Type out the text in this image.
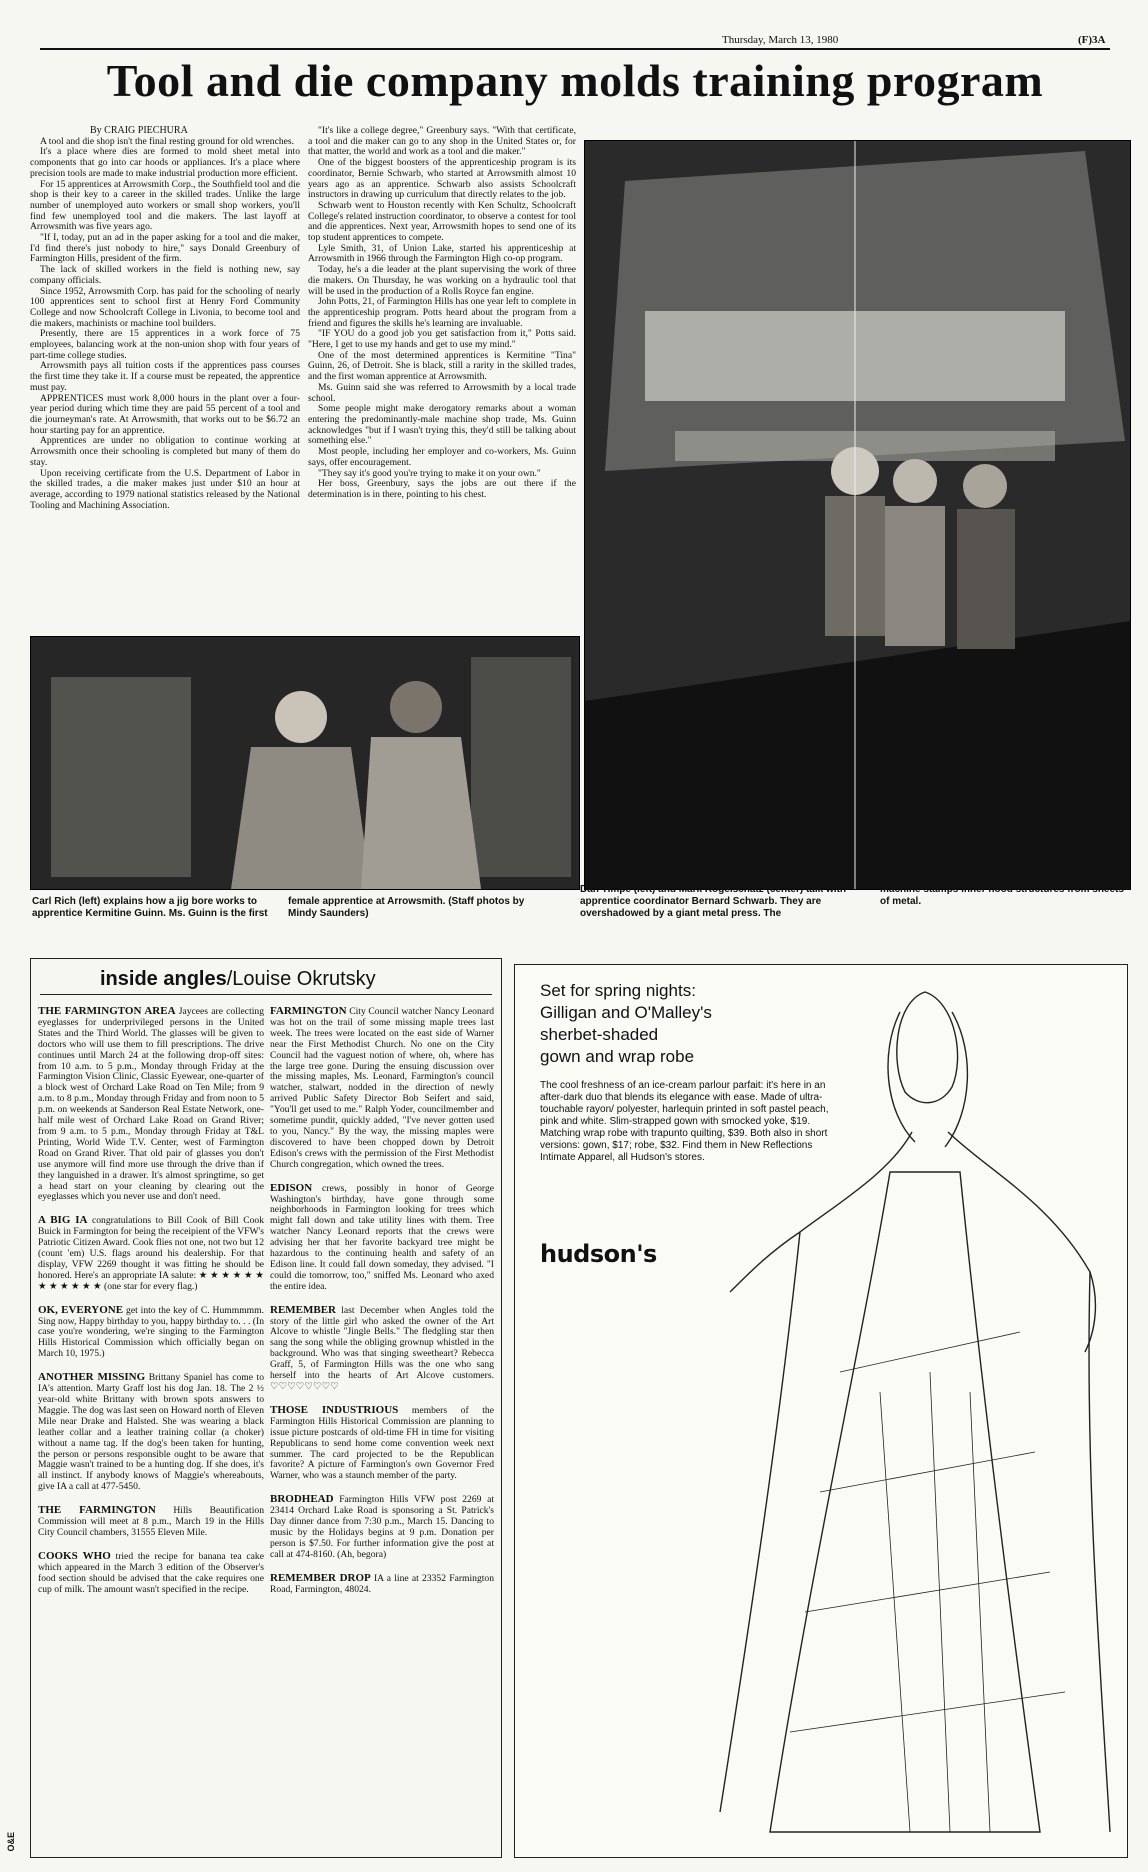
Thursday, March 13, 1980	(F)3A
O&E
Tool and die company molds training program

By CRAIG PIECHURA

A tool and die shop isn't the final resting ground for old wrenches.

It's a place where dies are formed to mold sheet metal into components that go into car hoods or appliances. It's a place where precision tools are made to make industrial production more efficient.

For 15 apprentices at Arrowsmith Corp., the Southfield tool and die shop is their key to a career in the skilled trades. Unlike the large number of unemployed auto workers or small shop workers, you'll find few unemployed tool and die makers. The last layoff at Arrowsmith was five years ago.

"If I, today, put an ad in the paper asking for a tool and die maker, I'd find there's just nobody to hire," says Donald Greenbury of Farmington Hills, president of the firm.

The lack of skilled workers in the field is nothing new, say company officials.

Since 1952, Arrowsmith Corp. has paid for the schooling of nearly 100 apprentices sent to school first at Henry Ford Community College and now Schoolcraft College in Livonia, to become tool and die makers, machinists or machine tool builders.

Presently, there are 15 apprentices in a work force of 75 employees, balancing work at the non-union shop with four years of part-time college studies.

Arrowsmith pays all tuition costs if the apprentices pass courses the first time they take it. If a course must be repeated, the apprentice must pay.

APPRENTICES must work 8,000 hours in the plant over a four-year period during which time they are paid 55 percent of a tool and die journeyman's rate. At Arrowsmith, that works out to be $6.72 an hour starting pay for an apprentice.

Apprentices are under no obligation to continue working at Arrowsmith once their schooling is completed but many of them do stay.

Upon receiving certificate from the U.S. Department of Labor in the skilled trades, a die maker makes just under $10 an hour at average, according to 1979 national statistics released by the National Tooling and Machining Association.

"It's like a college degree," Greenbury says. "With that certificate, a tool and die maker can go to any shop in the United States or, for that matter, the world and work as a tool and die maker."

One of the biggest boosters of the apprenticeship program is its coordinator, Bernie Schwarb, who started at Arrowsmith almost 10 years ago as an apprentice. Schwarb also assists Schoolcraft instructors in drawing up curriculum that directly relates to the job.

Schwarb went to Houston recently with Ken Schultz, Schoolcraft College's related instruction coordinator, to observe a contest for tool and die apprentices. Next year, Arrowsmith hopes to send one of its top student apprentices to compete.

Lyle Smith, 31, of Union Lake, started his apprenticeship at Arrowsmith in 1966 through the Farmington High co-op program.

Today, he's a die leader at the plant supervising the work of three die makers. On Thursday, he was working on a hydraulic tool that will be used in the production of a Rolls Royce fan engine.

John Potts, 21, of Farmington Hills has one year left to complete in the apprenticeship program. Potts heard about the program from a friend and figures the skills he's learning are invaluable.

"IF YOU do a good job you get satisfaction from it," Potts said. "Here, I get to use my hands and get to use my mind."

One of the most determined apprentices is Kermitine "Tina" Guinn, 26, of Detroit. She is black, still a rarity in the skilled trades, and the first woman apprentice at Arrowsmith.

Ms. Guinn said she was referred to Arrowsmith by a local trade school.

Some people might make derogatory remarks about a woman entering the predominantly-male machine shop trade, Ms. Guinn acknowledges "but if I wasn't trying this, they'd still be talking about something else."

Most people, including her employer and co-workers, Ms. Guinn says, offer encouragement.

"They say it's good you're trying to make it on your own."

Her boss, Greenbury, says the jobs are out there if the determination is in there, pointing to his chest.

Carl Rich (left) explains how a jig bore works to apprentice Kermitine Guinn. Ms. Guinn is the first
female apprentice at Arrowsmith. (Staff photos by Mindy Saunders)
Dan Timpe (left) and Mark Kogelschatz (center) talk with apprentice coordinator Bernard Schwarb. They are overshadowed by a giant metal press. The
machine stamps inner hood structures from sheets of metal.
inside angles/Louise Okrutsky

THE FARMINGTON AREA Jaycees are collecting eyeglasses for underprivileged persons in the United States and the Third World. The glasses will be given to doctors who will use them to fill prescriptions. The drive continues until March 24 at the following drop-off sites: from 10 a.m. to 5 p.m., Monday through Friday at the Farmington Vision Clinic, Classic Eyewear, one-quarter of a block west of Orchard Lake Road on Ten Mile; from 9 a.m. to 8 p.m., Monday through Friday and from noon to 5 p.m. on weekends at Sanderson Real Estate Network, one-half mile west of Orchard Lake Road on Grand River; from 9 a.m. to 5 p.m., Monday through Friday at T&L Printing, World Wide T.V. Center, west of Farmington Road on Grand River. That old pair of glasses you don't use anymore will find more use through the drive than if they languished in a drawer. It's almost springtime, so get a head start on your cleaning by clearing out the eyeglasses which you never use and don't need.

A BIG IA congratulations to Bill Cook of Bill Cook Buick in Farmington for being the receipient of the VFW's Patriotic Citizen Award. Cook flies not one, not two but 12 (count 'em) U.S. flags around his dealership. For that display, VFW 2269 thought it was fitting he should be honored. Here's an appropriate IA salute: ★ ★ ★ ★ ★ ★ ★ ★ ★ ★ ★ ★ (one star for every flag.)

OK, EVERYONE get into the key of C. Hummmmm. Sing now, Happy birthday to you, happy birthday to. . . (In case you're wondering, we're singing to the Farmington Hills Historical Commission which officially began on March 10, 1975.)

ANOTHER MISSING Brittany Spaniel has come to IA's attention. Marty Graff lost his dog Jan. 18. The 2 ½ year-old white Brittany with brown spots answers to Maggie. The dog was last seen on Howard north of Eleven Mile near Drake and Halsted. She was wearing a black leather collar and a leather training collar (a choker) without a name tag. If the dog's been taken for hunting, the person or persons responsible ought to be aware that Maggie wasn't trained to be a hunting dog. If she does, it's all instinct. If anybody knows of Maggie's whereabouts, give IA a call at 477-5450.

THE FARMINGTON Hills Beautification Commission will meet at 8 p.m., March 19 in the Hills City Council chambers, 31555 Eleven Mile.

COOKS WHO tried the recipe for banana tea cake which appeared in the March 3 edition of the Observer's food section should be advised that the cake requires one cup of milk. The amount wasn't specified in the recipe.

FARMINGTON City Council watcher Nancy Leonard was hot on the trail of some missing maple trees last week. The trees were located on the east side of Warner near the First Methodist Church. No one on the City Council had the vaguest notion of where, oh, where has the large tree gone. During the ensuing discussion over the missing maples, Ms. Leonard, Farmington's council watcher, stalwart, nodded in the direction of newly arrived Public Safety Director Bob Seifert and said, "You'll get used to me." Ralph Yoder, councilmember and sometime pundit, quickly added, "I've never gotten used to you, Nancy." By the way, the missing maples were discovered to have been chopped down by Detroit Edison's crews with the permission of the First Methodist Church congregation, which owned the trees.

EDISON crews, possibly in honor of George Washington's birthday, have gone through some neighborhoods in Farmington looking for trees which might fall down and take utility lines with them. Tree watcher Nancy Leonard reports that the crews were advising her that her favorite backyard tree might be hazardous to the continuing health and safety of an Edison line. It could fall down someday, they advised. "I could die tomorrow, too," sniffed Ms. Leonard who axed the entire idea.

REMEMBER last December when Angles told the story of the little girl who asked the owner of the Art Alcove to whistle "Jingle Bells." The fledgling star then sang the song while the obliging grownup whistled in the background. Who was that singing sweetheart? Rebecca Graff, 5, of Farmington Hills was the one who sang herself into the hearts of Art Alcove customers. ♡♡♡♡♡♡♡♡

THOSE INDUSTRIOUS members of the Farmington Hills Historical Commission are planning to issue picture postcards of old-time FH in time for visiting Republicans to send home come convention week next summer. The card projected to be the Republican favorite? A picture of Farmington's own Governor Fred Warner, who was a staunch member of the party.

BRODHEAD Farmington Hills VFW post 2269 at 23414 Orchard Lake Road is sponsoring a St. Patrick's Day dinner dance from 7:30 p.m., March 15. Dancing to music by the Holidays begins at 9 p.m. Donation per person is $7.50. For further information give the post at call at 474-8160. (Ah, begora)

REMEMBER DROP IA a line at 23352 Farmington Road, Farmington, 48024.

Set for spring nights:
Gilligan and O'Malley's
sherbet-shaded
gown and wrap robe
The cool freshness of an ice-cream parlour parfait: it's here in an after-dark duo that blends its elegance with ease. Made of ultra-touchable rayon/ polyester, harlequin printed in soft pastel peach, pink and white. Slim-strapped gown with smocked yoke, $19. Matching wrap robe with trapunto quilting, $39. Both also in short versions: gown, $17; robe, $32. Find them in New Reflections Intimate Apparel, all Hudson's stores.
hudson's
